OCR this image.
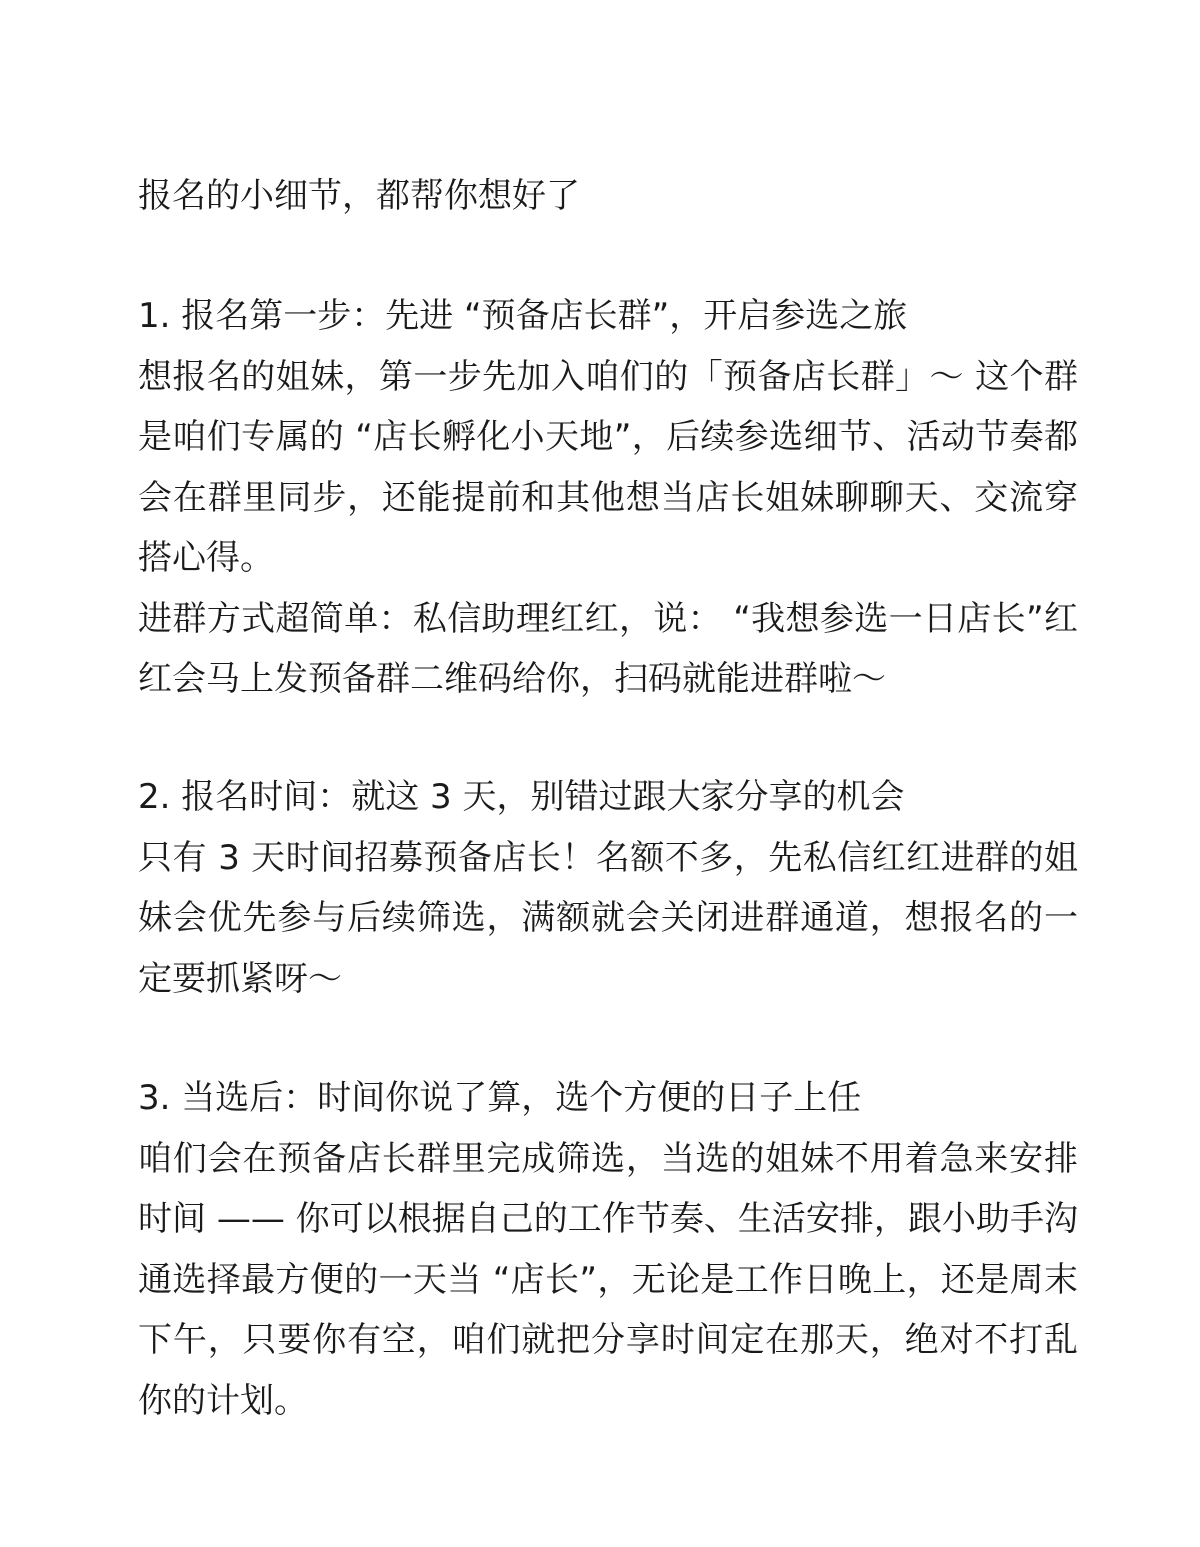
报名的小细节，都帮你想好了
1. 报名第一步：先进 “预备店长群”，开启参选之旅

想报名的姐妹，第一步先加入咱们的「预备店长群」～ 这个群是咱们专属的 “店长孵化小天地”，后续参选细节、活动节奏都会在群里同步，还能提前和其他想当店长姐妹聊聊天、交流穿搭心得。

进群方式超简单：私信助理红红，说： “我想参选一日店长”红红会马上发预备群二维码给你，扫码就能进群啦～

2. 报名时间：就这 3 天，别错过跟大家分享的机会

只有 3 天时间招募预备店长！名额不多，先私信红红进群的姐妹会优先参与后续筛选，满额就会关闭进群通道，想报名的一定要抓紧呀～

3. 当选后：时间你说了算，选个方便的日子上任

咱们会在预备店长群里完成筛选，当选的姐妹不用着急来安排时间 —— 你可以根据自己的工作节奏、生活安排，跟小助手沟通选择最方便的一天当 “店长”，无论是工作日晚上，还是周末下午，只要你有空，咱们就把分享时间定在那天，绝对不打乱你的计划。
